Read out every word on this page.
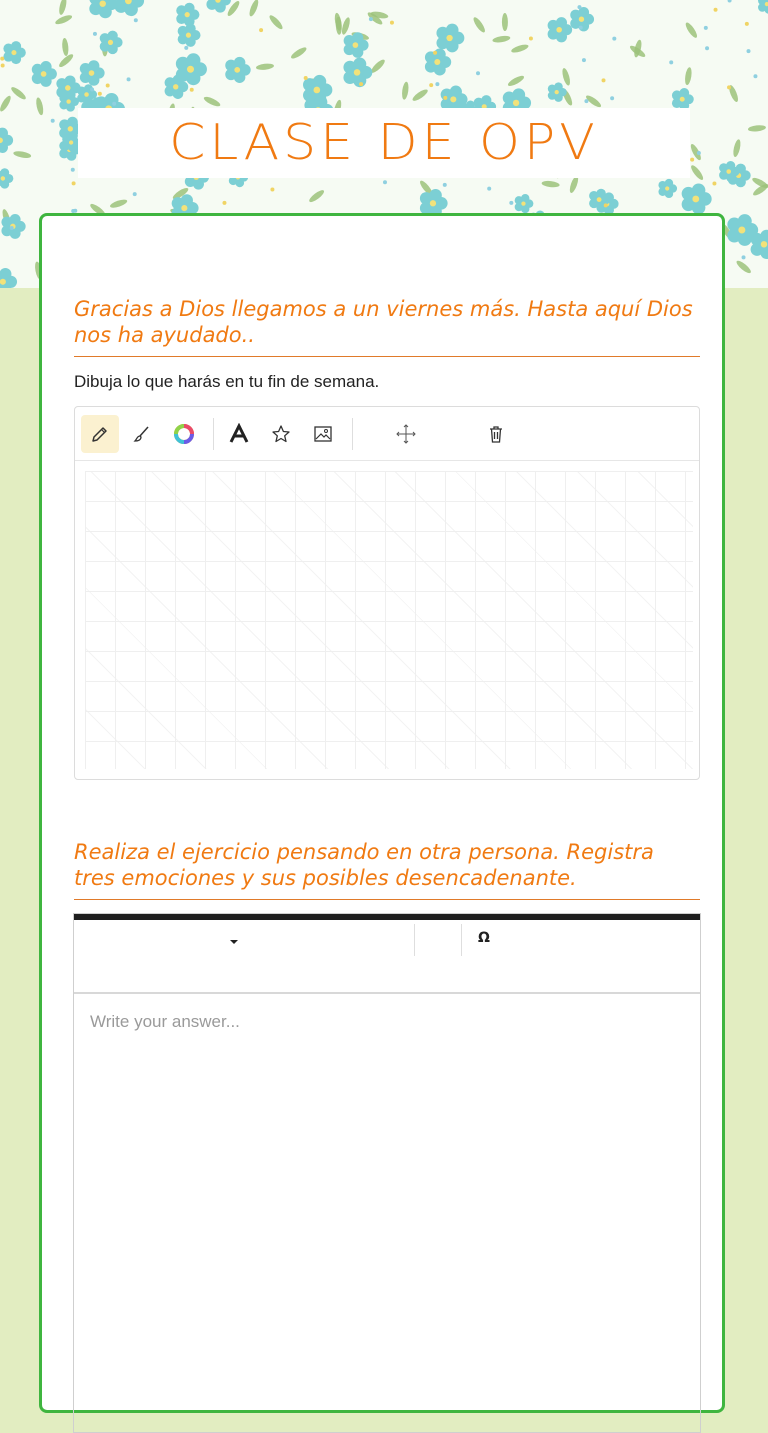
CLASE DE OPV
Gracias a Dios llegamos a un viernes más. Hasta aquí Dios nos ha ayudado..
Dibuja lo que harás en tu fin de semana.
Realiza el ejercicio pensando en otra persona. Registra tres emociones y sus posibles desencadenante.
Ω
Write your answer...
